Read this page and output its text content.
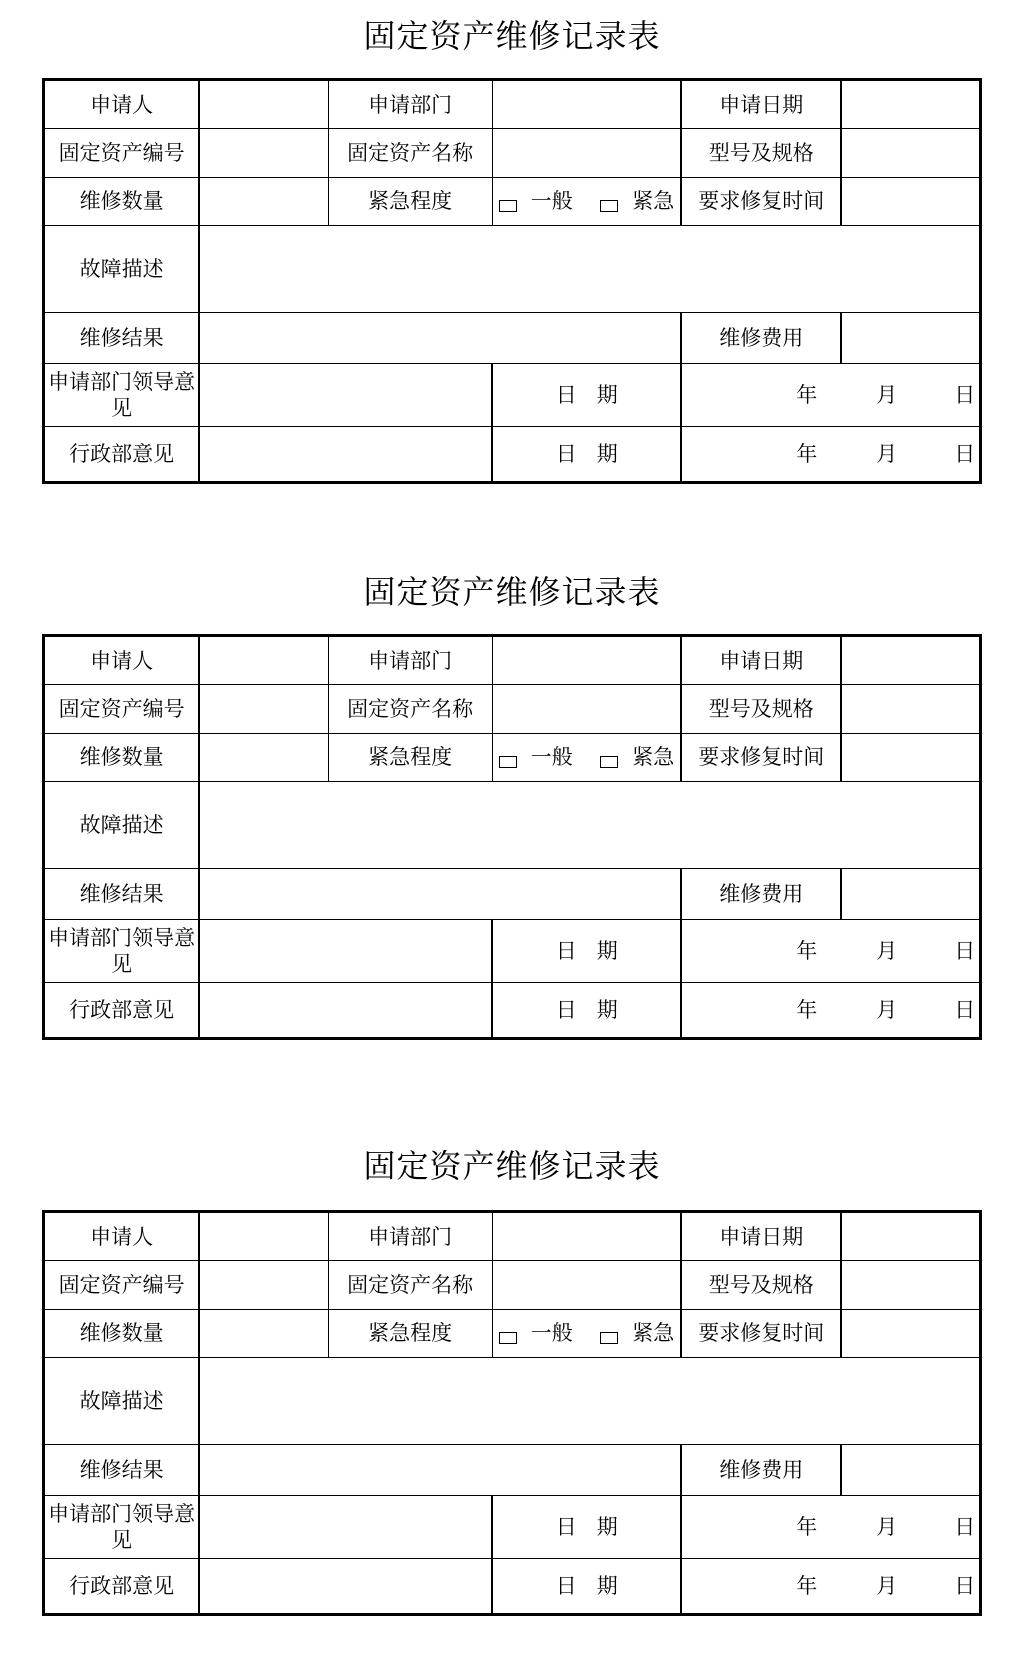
固定资产维修记录表
申请人		申请部门		申请日期	
固定资产编号		固定资产名称		型号及规格	
维修数量		紧急程度	一般 紧急	要求修复时间	
故障描述					
维修结果				维修费用	
申请部门领导意见			日 期	年 月 日	

行政部意见			日 期	年 月 日	
固定资产维修记录表
申请人		申请部门		申请日期	
固定资产编号		固定资产名称		型号及规格	
维修数量		紧急程度	一般 紧急	要求修复时间	
故障描述					
维修结果				维修费用	
申请部门领导意见			日 期	年 月 日	

行政部意见			日 期	年 月 日	
固定资产维修记录表
申请人		申请部门		申请日期	
固定资产编号		固定资产名称		型号及规格	
维修数量		紧急程度	一般 紧急	要求修复时间	
故障描述					
维修结果				维修费用	
申请部门领导意见			日 期	年 月 日	

行政部意见			日 期	年 月 日	
